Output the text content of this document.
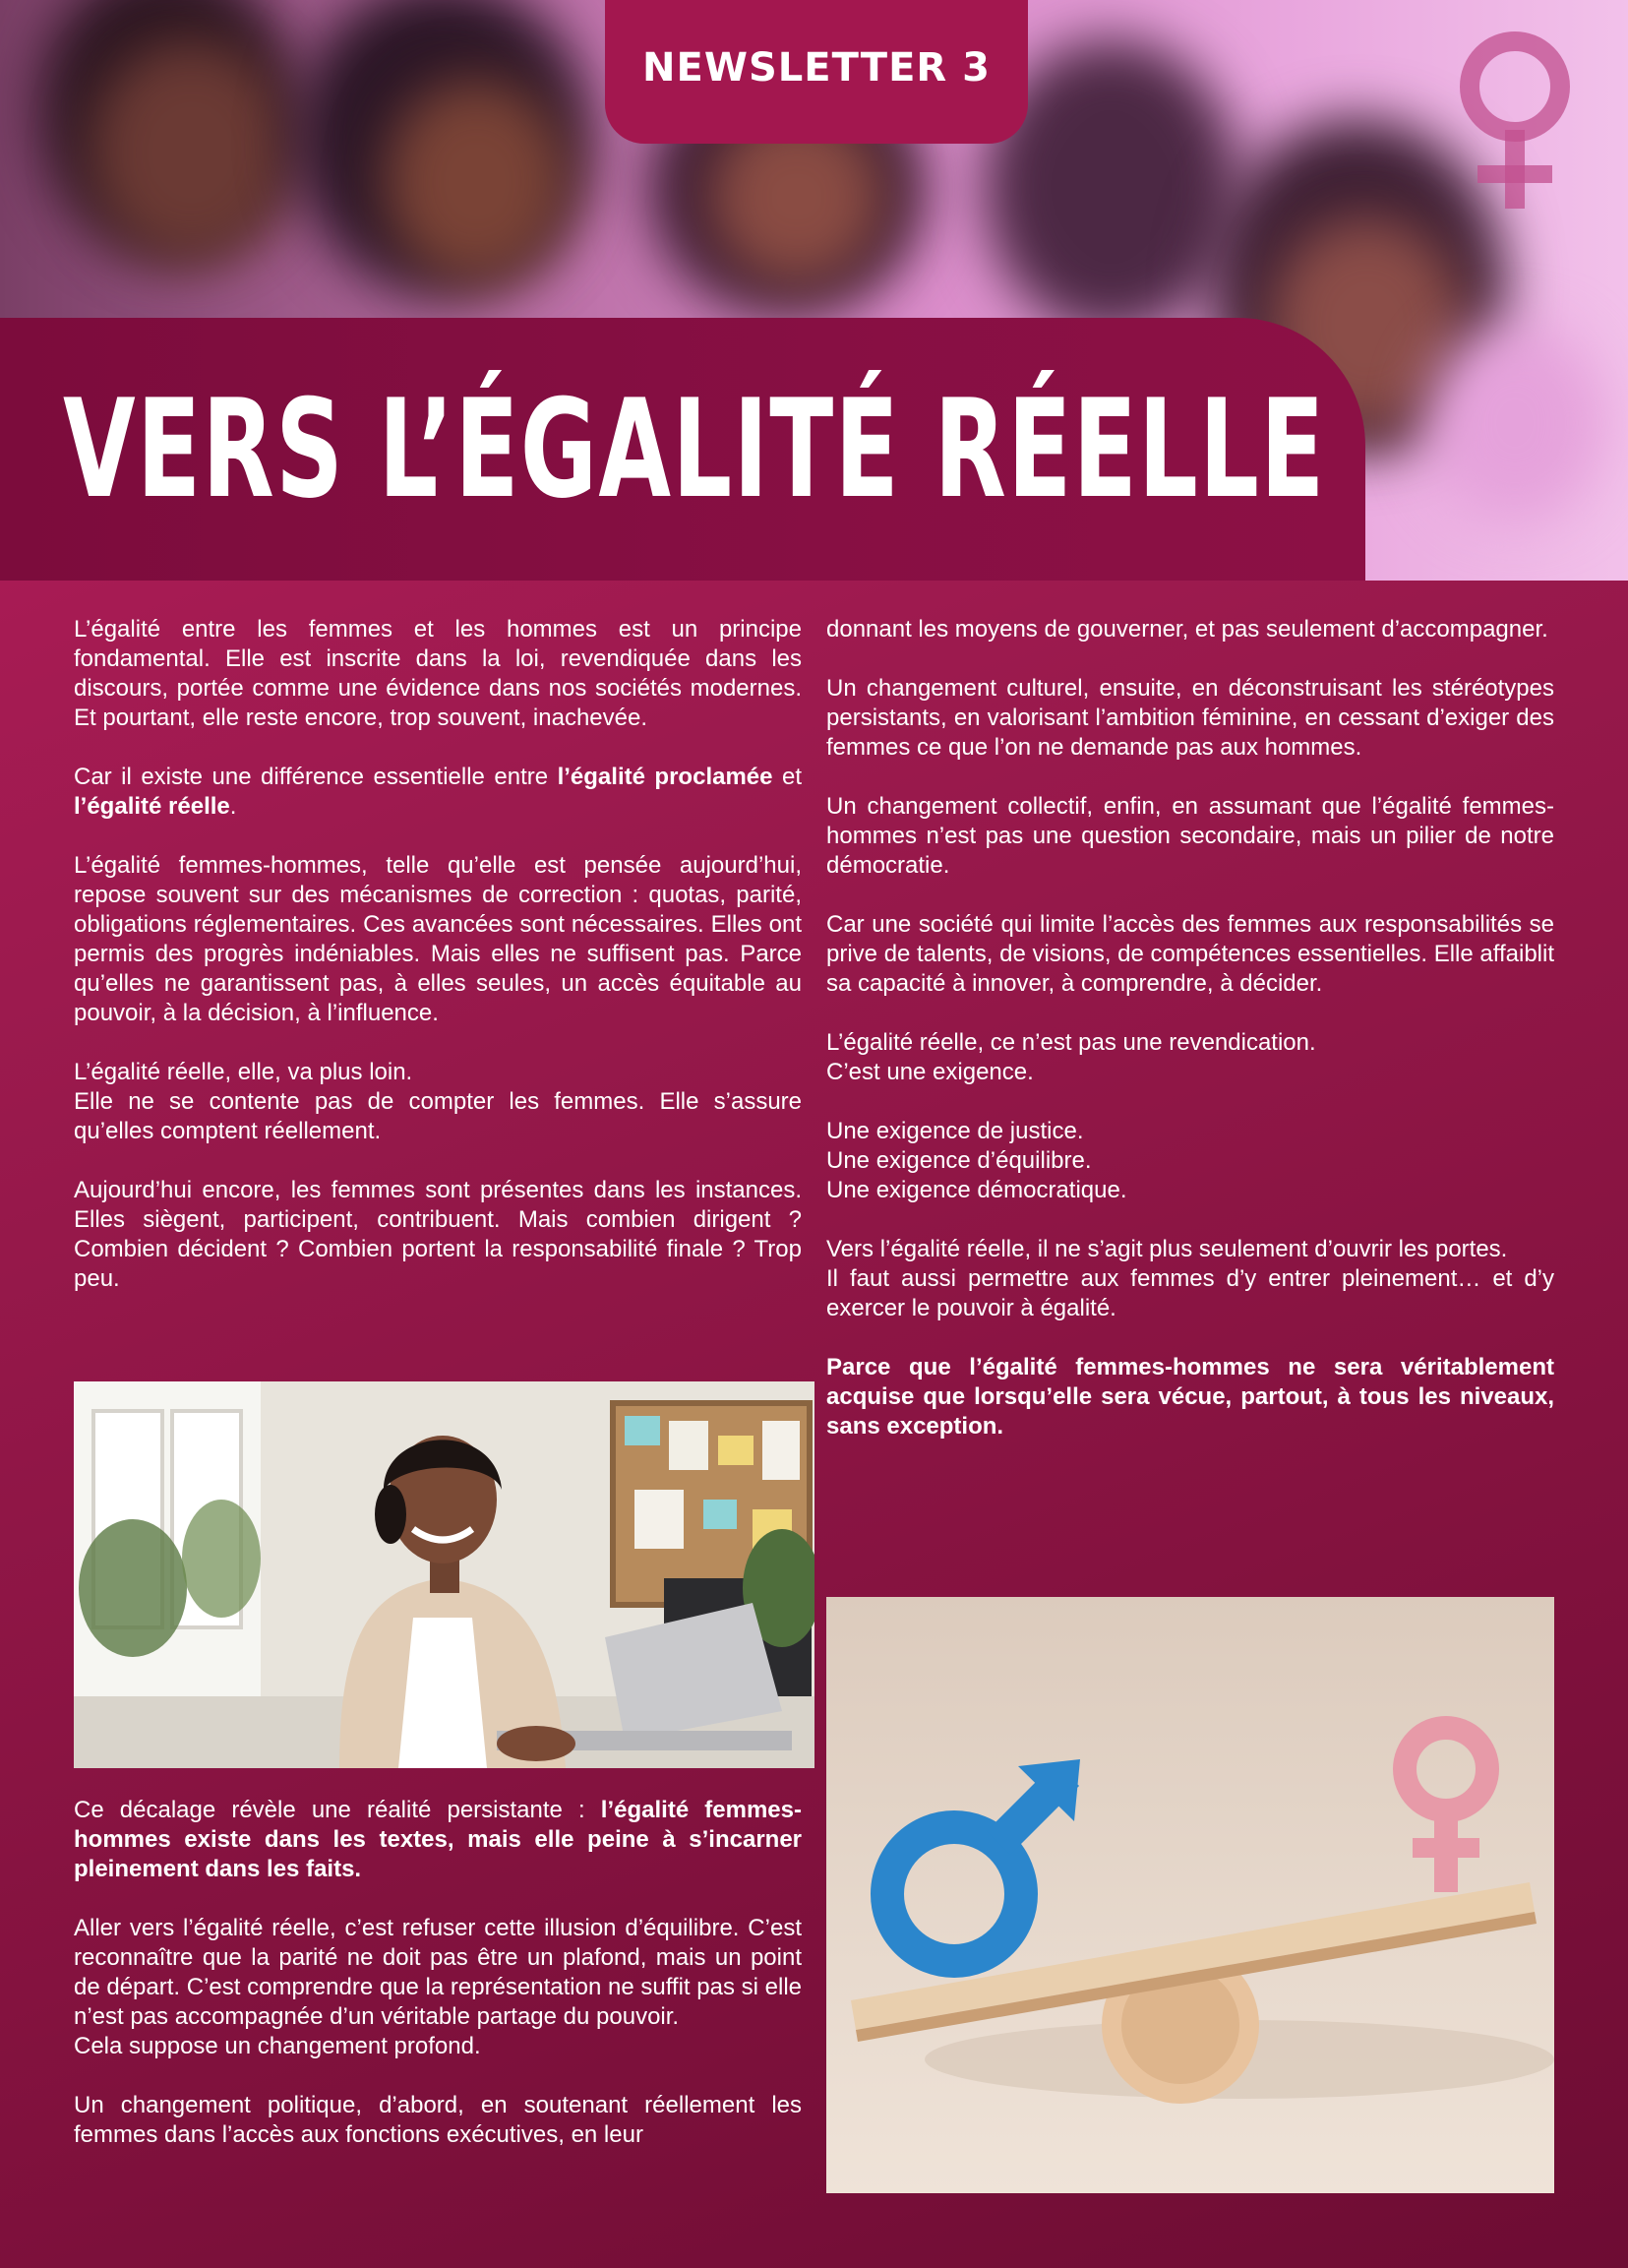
NEWSLETTER 3
VERS L’ÉGALITÉ RÉELLE

L’égalité entre les femmes et les hommes est un principe fondamental. Elle est inscrite dans la loi, revendiquée dans les discours, portée comme une évidence dans nos sociétés modernes. Et pourtant, elle reste encore, trop souvent, inachevée.

Car il existe une différence essentielle entre l’égalité proclamée et l’égalité réelle.

L’égalité femmes-hommes, telle qu’elle est pensée aujourd’hui, repose souvent sur des mécanismes de correction : quotas, parité, obligations réglementaires. Ces avancées sont nécessaires. Elles ont permis des progrès indéniables. Mais elles ne suffisent pas. Parce qu’elles ne garantissent pas, à elles seules, un accès équitable au pouvoir, à la décision, à l’influence.

L’égalité réelle, elle, va plus loin.
Elle ne se contente pas de compter les femmes. Elle s’assure qu’elles comptent réellement.

Aujourd’hui encore, les femmes sont présentes dans les instances. Elles siègent, participent, contribuent. Mais combien dirigent ? Combien décident ? Combien portent la responsabilité finale ? Trop peu.

Ce décalage révèle une réalité persistante : l’égalité femmes-hommes existe dans les textes, mais elle peine à s’incarner pleinement dans les faits.

Aller vers l’égalité réelle, c’est refuser cette illusion d’équilibre. C’est reconnaître que la parité ne doit pas être un plafond, mais un point de départ. C’est comprendre que la représentation ne suffit pas si elle n’est pas accompagnée d’un véritable partage du pouvoir.
Cela suppose un changement profond.

Un changement politique, d’abord, en soutenant réellement les femmes dans l’accès aux fonctions exécutives, en leur

donnant les moyens de gouverner, et pas seulement d’accompagner.

Un changement culturel, ensuite, en déconstruisant les stéréotypes persistants, en valorisant l’ambition féminine, en cessant d’exiger des femmes ce que l’on ne demande pas aux hommes.

Un changement collectif, enfin, en assumant que l’égalité femmes-hommes n’est pas une question secondaire, mais un pilier de notre démocratie.

Car une société qui limite l’accès des femmes aux responsabilités se prive de talents, de visions, de compétences essentielles. Elle affaiblit sa capacité à innover, à comprendre, à décider.

L’égalité réelle, ce n’est pas une revendication.
C’est une exigence.

Une exigence de justice.
Une exigence d’équilibre.
Une exigence démocratique.

Vers l’égalité réelle, il ne s’agit plus seulement d’ouvrir les portes.
Il faut aussi permettre aux femmes d’y entrer pleinement… et d’y exercer le pouvoir à égalité.

Parce que l’égalité femmes-hommes ne sera véritablement acquise que lorsqu’elle sera vécue, partout, à tous les niveaux, sans exception.
